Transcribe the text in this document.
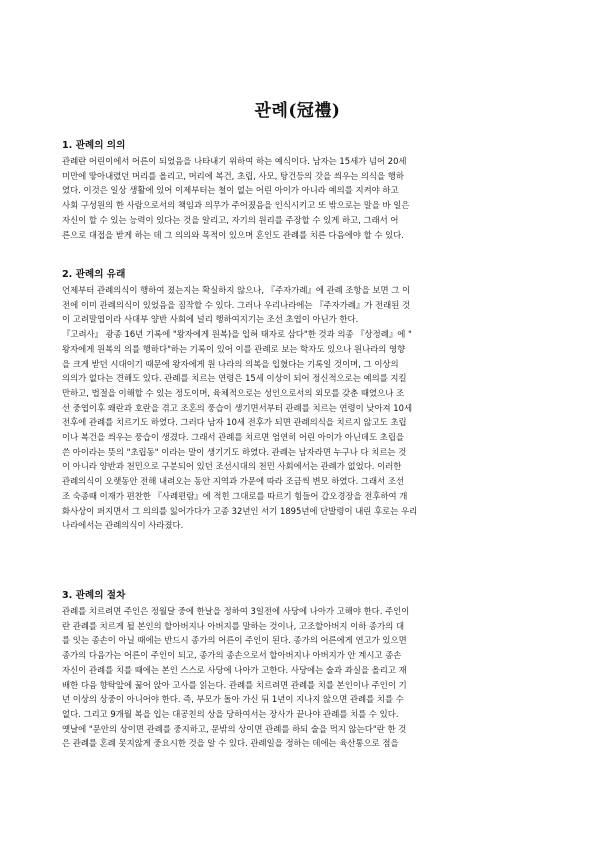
관례(冠禮)
1. 관례의 의의
관례란 어린이에서 어른이 되었음을 나타내기 위하여 하는 예식이다. 남자는 15세가 넘어 20세
미만에 땋아내렸던 머리를 올리고, 머리에 복건, 초립, 사모, 탕건등의 갓을 씌우는 의식을 행하
였다. 이것은 일상 생활에 있어 이제부터는 철이 없는 어린 아이가 아니라 예의를 지켜야 하고
사회 구성원의 한 사람으로서의 책임과 의무가 주어졌음을 인식시키고 또 밖으로는 말을 바 일은
자신이 할 수 있는 능력이 있다는 것을 알리고, 자기의 원리를 주장할 수 있게 하고, 그래서 어
른으로 대접을 받게 하는 데 그 의의와 목적이 있으며 혼인도 관례를 치른 다음에야 할 수 있다.
2. 관례의 유래
언제부터 관례의식이 행하여 졌는지는 확실하지 않으나, 『주자가례』에 관례 조항을 보면 그 이
전에 이미 관례의식이 있었음을 짐작할 수 있다. 그러나 우리나라에는 『주자가례』가 전래된 것
이 고려말엽이라 사대부 양반 사회에 널리 행하여지기는 조선 초엽이 아닌가 한다.
『고려사』 광종 16년 기록에 "왕자에게 원복)을 입혀 태자로 삼다"한 것과 의종 『상정례』에 "
왕자에게 원복의 의를 행하다"하는 기록이 있어 이를 관례로 보는 학자도 있으나 원나라의 영향
을 크게 받던 시대이기 때문에 왕자에게 원 나라의 의복을 입혔다는 기록일 것이며, 그 이상의
의의가 없다는 견해도 있다. 관례를 치르는 연령은 15세 이상이 되어 정신적으로는 예의를 지킬
만하고, 법절을 이해할 수 있는 정도이며, 육체적으로는 성인으로서의 외모를 갖춘 때였으나 조
선 중엽이후 왜란과 호란을 겪고 조혼의 풍습이 생기면서부터 관례를 치르는 연령이 낮아져 10세
전후에 관례를 치르기도 하였다. 그러다 남자 10세 전후가 되면 관례의식을 치르지 않고도 초립
이나 복건을 씌우는 풍습이 생겼다. 그래서 관례를 치르면 엄연히 어린 아이가 아닌데도 초립을
쓴 아이라는 뜻의 "초립동" 이라는 말이 생기기도 하였다. 관례는 남자라면 누구나 다 치르는 것
이 아니라 양반과 천민으로 구분되어 있던 조선시대의 천민 사회에서는 관례가 없었다. 이러한
관례의식이 오랫동안 전해 내려오는 동안 지역과 가문에 따라 조금씩 변모 하였다. 그래서 조선
조 숙종때 이재가 편찬한 『사례편람』에 적힌 그대로를 따르기 힘들어 갑오경장을 전후하여 개
화사상이 퍼지면서 그 의의를 잃어가다가 고종 32년인 서기 1895년에 단발령이 내린 후로는 우리
나라에서는 관례의식이 사라졌다.
3. 관례의 절차
관례를 치르려면 주인은 정월달 중에 한날을 정하여 3일전에 사당에 나아가 고해야 한다. 주인이
란 관례를 치르게 될 본인의 할아버지나 아버지를 말하는 것이나, 고조할아버지 이하 종가의 대
를 잇는 종손이 아닐 때에는 반드시 종가의 어른이 주인이 된다. 종가의 어른에게 연고가 있으면
종가의 다음가는 어른이 주인이 되고, 종가의 종손으로서 할아버지나 아버지가 안 계시고 종손
자신이 관례를 치를 때에는 본인 스스로 사당에 나아가 고한다. 사당에는 술과 과실을 올리고 재
배한 다음 향탁앞에 꿇어 앉아 고사를 읽는다. 관례를 치르려면 관례를 치를 본인이나 주인이 기
년 이상의 상중이 아니어야 한다. 즉, 부모가 돌아 가신 뒤 1년이 지나지 않으면 관례를 치를 수
없다. 그리고 9개월 복을 입는 대공친의 상을 당하여서는 장사가 끝나야 관례를 치를 수 있다.
옛날에 "문안의 상이면 관례를 중지하고, 문밖의 상이면 관례를 하되 술을 먹지 않는다"란 한 것
은 관례를 혼례 못지않게 중요시한 것을 알 수 있다. 관례일을 정하는 데에는 육산통으로 점을
